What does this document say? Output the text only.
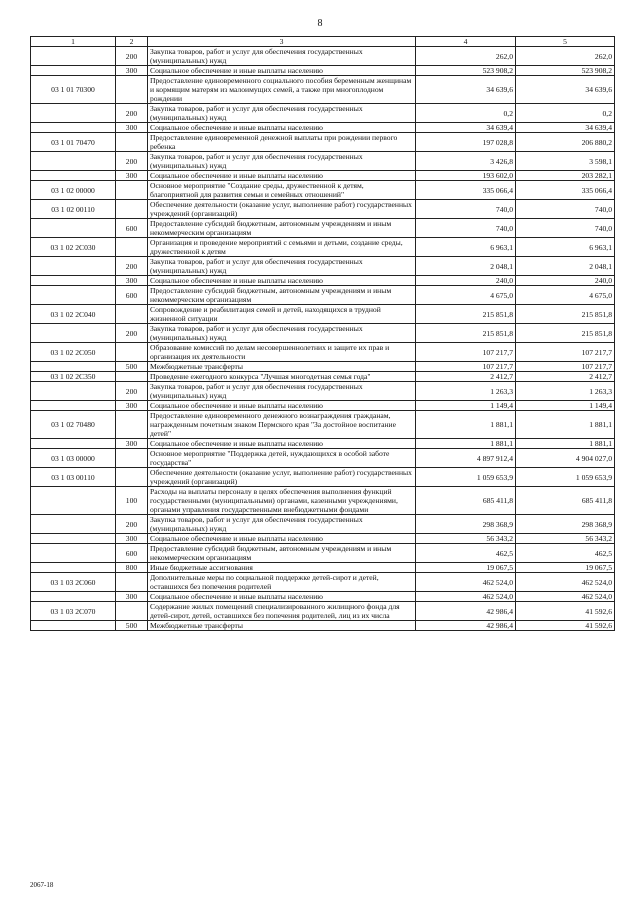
8
1	2	3	4	5
	200	Закупка товаров, работ и услуг для обеспечения государственных (муниципальных) нужд	262,0	262,0
	300	Социальное обеспечение и иные выплаты населению	523 908,2	523 908,2
03 1 01 70300		Предоставление единовременного социального пособия беременным женщинам и кормящим матерям из малоимущих семей, а также при многоплодном рождении	34 639,6	34 639,6
	200	Закупка товаров, работ и услуг для обеспечения государственных (муниципальных) нужд	0,2	0,2
	300	Социальное обеспечение и иные выплаты населению	34 639,4	34 639,4
03 1 01 70470		Предоставление единовременной денежной выплаты при рождении первого ребенка	197 028,8	206 880,2
	200	Закупка товаров, работ и услуг для обеспечения государственных (муниципальных) нужд	3 426,8	3 598,1
	300	Социальное обеспечение и иные выплаты населению	193 602,0	203 282,1
03 1 02 00000		Основное мероприятие "Создание среды, дружественной к детям, благоприятной для развития семьи и семейных отношений"	335 066,4	335 066,4
03 1 02 00110		Обеспечение деятельности (оказание услуг, выполнение работ) государственных учреждений (организаций)	740,0	740,0
	600	Предоставление субсидий бюджетным, автономным учреждениям и иным некоммерческим организациям	740,0	740,0
03 1 02 2С030		Организация и проведение мероприятий с семьями и детьми, создание среды, дружественной к детям	6 963,1	6 963,1
	200	Закупка товаров, работ и услуг для обеспечения государственных (муниципальных) нужд	2 048,1	2 048,1
	300	Социальное обеспечение и иные выплаты населению	240,0	240,0
	600	Предоставление субсидий бюджетным, автономным учреждениям и иным некоммерческим организациям	4 675,0	4 675,0
03 1 02 2С040		Сопровождение и реабилитация семей и детей, находящихся в трудной жизненной ситуации	215 851,8	215 851,8
	200	Закупка товаров, работ и услуг для обеспечения государственных (муниципальных) нужд	215 851,8	215 851,8
03 1 02 2С050		Образование комиссий по делам несовершеннолетних и защите их прав и организация их деятельности	107 217,7	107 217,7
	500	Межбюджетные трансферты	107 217,7	107 217,7
03 1 02 2С350		Проведение ежегодного конкурса "Лучшая многодетная семья года"	2 412,7	2 412,7
	200	Закупка товаров, работ и услуг для обеспечения государственных (муниципальных) нужд	1 263,3	1 263,3
	300	Социальное обеспечение и иные выплаты населению	1 149,4	1 149,4
03 1 02 70480		Предоставление единовременного денежного вознаграждения гражданам, награжденным почетным знаком Пермского края "За достойное воспитание детей"	1 881,1	1 881,1
	300	Социальное обеспечение и иные выплаты населению	1 881,1	1 881,1
03 1 03 00000		Основное мероприятие "Поддержка детей, нуждающихся в особой заботе государства"	4 897 912,4	4 904 027,0
03 1 03 00110		Обеспечение деятельности (оказание услуг, выполнение работ) государственных учреждений (организаций)	1 059 653,9	1 059 653,9
	100	Расходы на выплаты персоналу в целях обеспечения выполнения функций государственными (муниципальными) органами, казенными учреждениями, органами управления государственными внебюджетными фондами	685 411,8	685 411,8
	200	Закупка товаров, работ и услуг для обеспечения государственных (муниципальных) нужд	298 368,9	298 368,9
	300	Социальное обеспечение и иные выплаты населению	56 343,2	56 343,2
	600	Предоставление субсидий бюджетным, автономным учреждениям и иным некоммерческим организациям	462,5	462,5
	800	Иные бюджетные ассигнования	19 067,5	19 067,5
03 1 03 2С060		Дополнительные меры по социальной поддержке детей-сирот и детей, оставшихся без попечения родителей	462 524,0	462 524,0
	300	Социальное обеспечение и иные выплаты населению	462 524,0	462 524,0
03 1 03 2С070		Содержание жилых помещений специализированного жилищного фонда для детей-сирот, детей, оставшихся без попечения родителей, лиц из их числа	42 986,4	41 592,6
	500	Межбюджетные трансферты	42 986,4	41 592,6
2067-18
